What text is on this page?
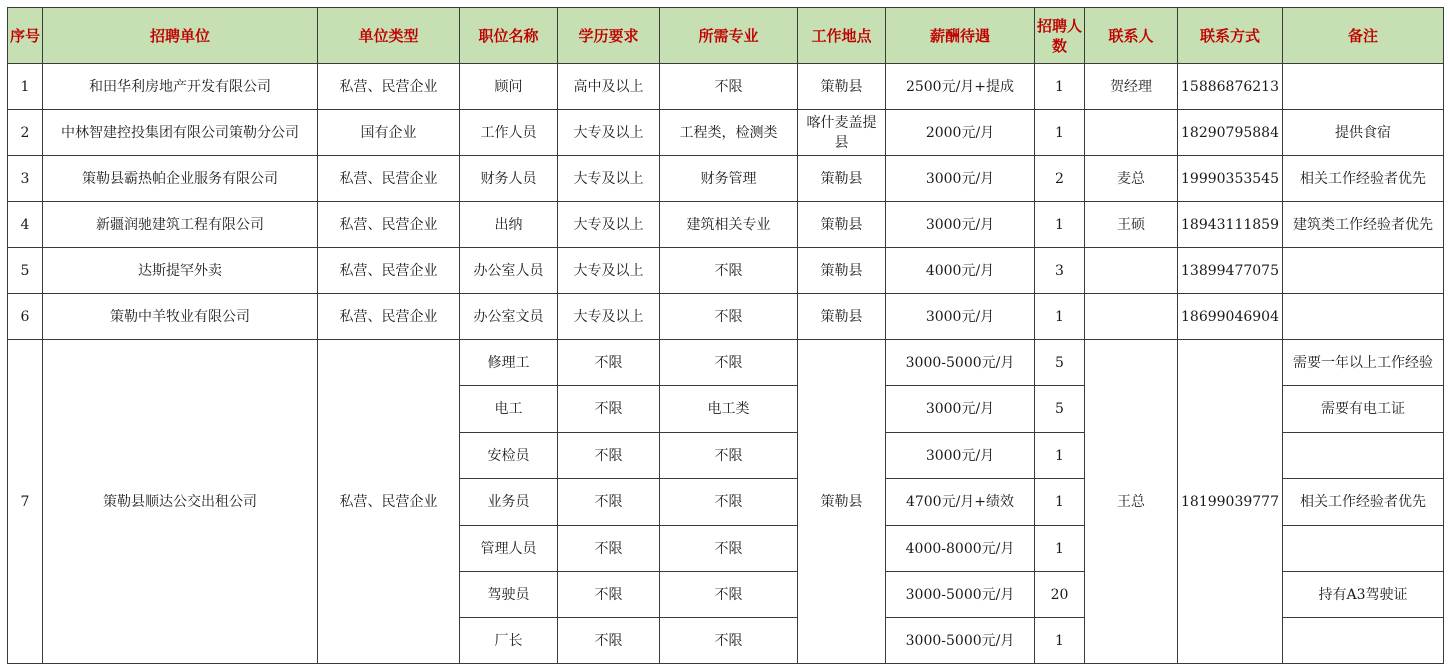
序号	招聘单位	单位类型	职位名称	学历要求	所需专业	工作地点	薪酬待遇	招聘人数	联系人	联系方式	备注
1	和田华利房地产开发有限公司	私营、民营企业	顾问	高中及以上	不限	策勒县	2500元/月+提成	1	贺经理	15886876213	
2	中林智建控投集团有限公司策勒分公司	国有企业	工作人员	大专及以上	工程类，检测类	喀什麦盖提县	2000元/月	1		18290795884	提供食宿
3	策勒县霸热帕企业服务有限公司	私营、民营企业	财务人员	大专及以上	财务管理	策勒县	3000元/月	2	麦总	19990353545	相关工作经验者优先
4	新疆润驰建筑工程有限公司	私营、民营企业	出纳	大专及以上	建筑相关专业	策勒县	3000元/月	1	王硕	18943111859	建筑类工作经验者优先
5	达斯提罕外卖	私营、民营企业	办公室人员	大专及以上	不限	策勒县	4000元/月	3		13899477075	
6	策勒中羊牧业有限公司	私营、民营企业	办公室文员	大专及以上	不限	策勒县	3000元/月	1		18699046904	
7	策勒县顺达公交出租公司	私营、民营企业	修理工	不限	不限	策勒县	3000-5000元/月	5	王总	18199039777	需要一年以上工作经验
			电工	不限	电工类		3000元/月	5			需要有电工证
			安检员	不限	不限		3000元/月	1			
			业务员	不限	不限		4700元/月+绩效	1			相关工作经验者优先
			管理人员	不限	不限		4000-8000元/月	1			
			驾驶员	不限	不限		3000-5000元/月	20			持有A3驾驶证
			厂长	不限	不限		3000-5000元/月	1			
